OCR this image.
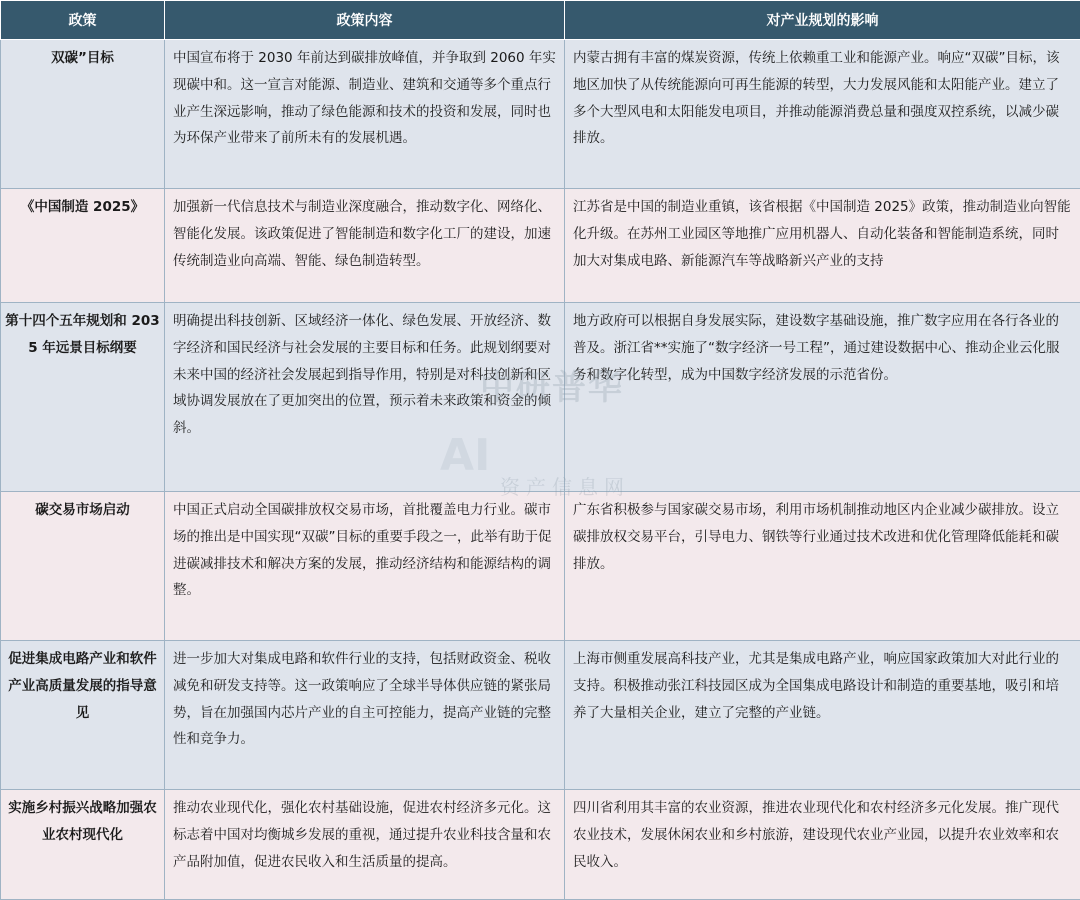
政策	政策内容	对产业规划的影响
双碳”目标	中国宣布将于 2030 年前达到碳排放峰值，并争取到 2060 年实现碳中和。这一宣言对能源、制造业、建筑和交通等多个重点行业产生深远影响，推动了绿色能源和技术的投资和发展，同时也为环保产业带来了前所未有的发展机遇。	内蒙古拥有丰富的煤炭资源，传统上依赖重工业和能源产业。响应“双碳”目标，该地区加快了从传统能源向可再生能源的转型，大力发展风能和太阳能产业。建立了多个大型风电和太阳能发电项目，并推动能源消费总量和强度双控系统，以减少碳排放。
《中国制造 2025》	加强新一代信息技术与制造业深度融合，推动数字化、网络化、智能化发展。该政策促进了智能制造和数字化工厂的建设，加速传统制造业向高端、智能、绿色制造转型。	江苏省是中国的制造业重镇，该省根据《中国制造 2025》政策，推动制造业向智能化升级。在苏州工业园区等地推广应用机器人、自动化装备和智能制造系统，同时加大对集成电路、新能源汽车等战略新兴产业的支持
第十四个五年规划和 2035 年远景目标纲要	明确提出科技创新、区域经济一体化、绿色发展、开放经济、数字经济和国民经济与社会发展的主要目标和任务。此规划纲要对未来中国的经济社会发展起到指导作用，特别是对科技创新和区域协调发展放在了更加突出的位置，预示着未来政策和资金的倾斜。	地方政府可以根据自身发展实际，建设数字基础设施，推广数字应用在各行各业的普及。浙江省**实施了“数字经济一号工程”，通过建设数据中心、推动企业云化服务和数字化转型，成为中国数字经济发展的示范省份。
碳交易市场启动	中国正式启动全国碳排放权交易市场，首批覆盖电力行业。碳市场的推出是中国实现“双碳”目标的重要手段之一，此举有助于促进碳减排技术和解决方案的发展，推动经济结构和能源结构的调整。	广东省积极参与国家碳交易市场，利用市场机制推动地区内企业减少碳排放。设立碳排放权交易平台，引导电力、钢铁等行业通过技术改进和优化管理降低能耗和碳排放。
促进集成电路产业和软件产业高质量发展的指导意见	进一步加大对集成电路和软件行业的支持，包括财政资金、税收减免和研发支持等。这一政策响应了全球半导体供应链的紧张局势，旨在加强国内芯片产业的自主可控能力，提高产业链的完整性和竞争力。	上海市侧重发展高科技产业，尤其是集成电路产业，响应国家政策加大对此行业的支持。积极推动张江科技园区成为全国集成电路设计和制造的重要基地，吸引和培养了大量相关企业，建立了完整的产业链。
实施乡村振兴战略加强农业农村现代化	推动农业现代化，强化农村基础设施，促进农村经济多元化。这标志着中国对均衡城乡发展的重视，通过提升农业科技含量和农产品附加值，促进农民收入和生活质量的提高。	四川省利用其丰富的农业资源，推进农业现代化和农村经济多元化发展。推广现代农业技术，发展休闲农业和乡村旅游，建设现代农业产业园，以提升农业效率和农民收入。
中研普华
AI
资产信息网
